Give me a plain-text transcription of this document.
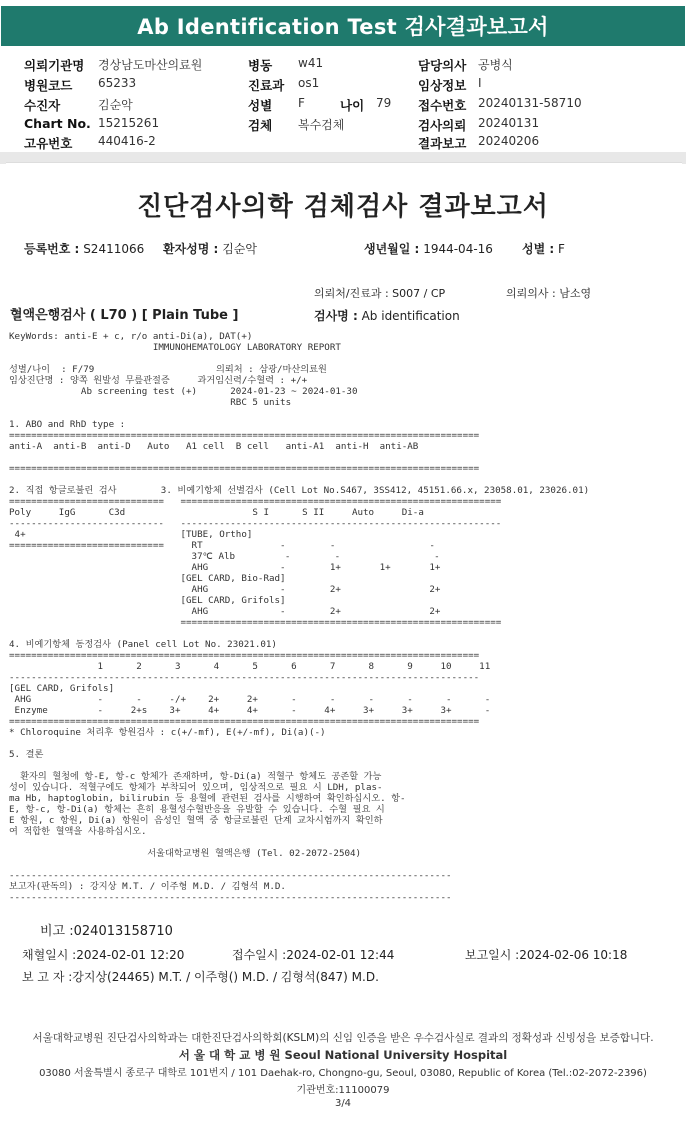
Ab Identification Test 검사결과보고서
의뢰기관명 경상남도마산의료원
병원코드 65233
수진자	김순악
Chart No. 15215261
고유번호 440416-2
병동 w41
진료과 os1
성별 F	나이 79
검체 복수검체
담당의사 공병식
임상정보 I
접수번호 20240131-58710
검사의뢰 20240131
결과보고 20240206
진단검사의학 검체검사 결과보고서
등록번호 : S2411066 환자성명 : 김순악	생년월일 : 1944-04-16 성별 : F
의뢰처/진료과 : S007 / CP	의뢰의사 : 남소영
혈액은행검사 ( L70 ) [ Plain Tube ]	검사명 : Ab identification
KeyWords: anti-E + c, r/o anti-Di(a), DAT(+)
IMMUNOHEMATOLOGY LABORATORY REPORT

성별/나이  : F/79                      의뢰처 : 삼광/마산의료원
임상진단명 : 양쪽 원발성 무릎관절증     과거임신력/수혈력 : +/+
Ab screening test (+)      2024-01-23 ~ 2024-01-30
RBC 5 units

1. ABO and RhD type :
=====================================================================================
anti-A  anti-B  anti-D   Auto   A1 cell  B cell   anti-A1  anti-H  anti-AB

=====================================================================================

2. 직접 항글로불린 검사        3. 비예기항체 선별검사 (Cell Lot No.S467, 3SS412, 45151.66.x, 23058.01, 23026.01)
============================   ==========================================================
Poly     IgG      C3d                       S I      S II     Auto     Di-a
----------------------------   ----------------------------------------------------------
4+                            [TUBE, Ortho]
============================     RT              -        -                 -
37℃ Alb         -        -                 -
AHG             -        1+       1+       1+
[GEL CARD, Bio-Rad]
AHG             -        2+                2+
[GEL CARD, Grifols]
AHG             -        2+                2+
==========================================================

4. 비예기항체 동정검사 (Panel cell Lot No. 23021.01)
=====================================================================================
1      2      3      4      5      6      7      8      9     10     11
-------------------------------------------------------------------------------------
[GEL CARD, Grifols]
AHG            -      -     -/+    2+     2+      -      -      -      -      -      -
Enzyme         -     2+s    3+     4+     4+      -     4+     3+     3+     3+      -
=====================================================================================
* Chloroquine 처리후 항원검사 : c(+/-mf), E(+/-mf), Di(a)(-)

5. 결론

환자의 혈청에 항-E, 항-c 항체가 존재하며, 항-Di(a) 적혈구 항체도 공존할 가능
성이 있습니다. 적혈구에도 항체가 부착되어 있으며, 임상적으로 필요 시 LDH, plas-
ma Hb, haptoglobin, bilirubin 등 용혈에 관련된 검사를 시행하여 확인하십시오. 항-
E, 항-c, 항-Di(a) 항체는 흔히 용혈성수혈반응을 유발할 수 있습니다. 수혈 필요 시
E 항원, c 항원, Di(a) 항원이 음성인 혈액 중 항글로불린 단계 교차시험까지 확인하
여 적합한 혈액을 사용하십시오.

서울대학교병원 혈액은행 (Tel. 02-2072-2504)

--------------------------------------------------------------------------------
보고자(판독의) : 강지상 M.T. / 이주형 M.D. / 김형석 M.D.
--------------------------------------------------------------------------------
비고 :024013158710
채혈일시 :2024-02-01 12:20	접수일시 :2024-02-01 12:44	보고일시 :2024-02-06 10:18
보 고 자 :강지상(24465) M.T. / 이주형() M.D. / 김형석(847) M.D.
서울대학교병원 진단검사의학과는 대한진단검사의학회(KSLM)의 신임 인증을 받은 우수검사실로 결과의 정확성과 신빙성을 보증합니다.
서 울 대 학 교 병 원 Seoul National University Hospital
03080 서울특별시 종로구 대학로 101번지 / 101 Daehak-ro, Chongno-gu, Seoul, 03080, Republic of Korea (Tel.:02-2072-2396)
기관번호:11100079
3/4
